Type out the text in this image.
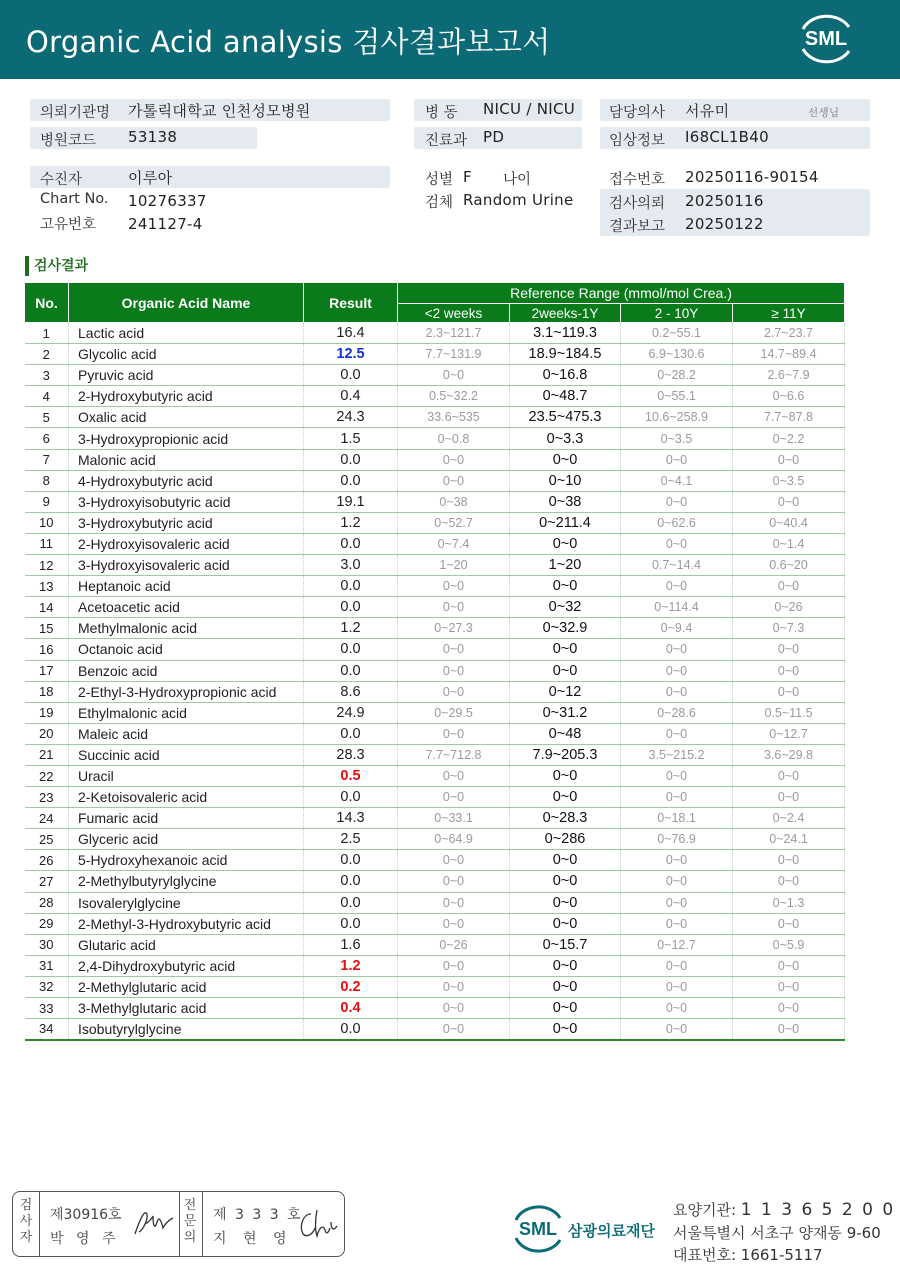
Organic Acid analysis 검사결과보고서	SML
의뢰기관명 가톨릭대학교 인천성모병원
병원코드 53138
병 동 NICU / NICU
진료과 PD
담당의사 서유미	선생님
임상정보 I68CL1B40
수진자	이루아
Chart No. 10276337
고유번호 241127-4
성별 F 나이
검체 Random Urine
접수번호 20250116-90154
검사의뢰 20250116
결과보고 20250122
검사결과
No.	Organic Acid Name	Result	Reference Range (mmol/mol Crea.)			
			<2 weeks	2weeks-1Y	2 - 10Y	≥ 11Y
1	Lactic acid	16.4	2.3~121.7	3.1~119.3	0.2~55.1	2.7~23.7
2	Glycolic acid	12.5	7.7~131.9	18.9~184.5	6.9~130.6	14.7~89.4
3	Pyruvic acid	0.0	0~0	0~16.8	0~28.2	2.6~7.9
4	2-Hydroxybutyric acid	0.4	0.5~32.2	0~48.7	0~55.1	0~6.6
5	Oxalic acid	24.3	33.6~535	23.5~475.3	10.6~258.9	7.7~87.8
6	3-Hydroxypropionic acid	1.5	0~0.8	0~3.3	0~3.5	0~2.2
7	Malonic acid	0.0	0~0	0~0	0~0	0~0
8	4-Hydroxybutyric acid	0.0	0~0	0~10	0~4.1	0~3.5
9	3-Hydroxyisobutyric acid	19.1	0~38	0~38	0~0	0~0
10	3-Hydroxybutyric acid	1.2	0~52.7	0~211.4	0~62.6	0~40.4
11	2-Hydroxyisovaleric acid	0.0	0~7.4	0~0	0~0	0~1.4
12	3-Hydroxyisovaleric acid	3.0	1~20	1~20	0.7~14.4	0.6~20
13	Heptanoic acid	0.0	0~0	0~0	0~0	0~0
14	Acetoacetic acid	0.0	0~0	0~32	0~114.4	0~26
15	Methylmalonic acid	1.2	0~27.3	0~32.9	0~9.4	0~7.3
16	Octanoic acid	0.0	0~0	0~0	0~0	0~0
17	Benzoic acid	0.0	0~0	0~0	0~0	0~0
18	2-Ethyl-3-Hydroxypropionic acid	8.6	0~0	0~12	0~0	0~0
19	Ethylmalonic acid	24.9	0~29.5	0~31.2	0~28.6	0.5~11.5
20	Maleic acid	0.0	0~0	0~48	0~0	0~12.7
21	Succinic acid	28.3	7.7~712.8	7.9~205.3	3.5~215.2	3.6~29.8
22	Uracil	0.5	0~0	0~0	0~0	0~0
23	2-Ketoisovaleric acid	0.0	0~0	0~0	0~0	0~0
24	Fumaric acid	14.3	0~33.1	0~28.3	0~18.1	0~2.4
25	Glyceric acid	2.5	0~64.9	0~286	0~76.9	0~24.1
26	5-Hydroxyhexanoic acid	0.0	0~0	0~0	0~0	0~0
27	2-Methylbutyrylglycine	0.0	0~0	0~0	0~0	0~0
28	Isovalerylglycine	0.0	0~0	0~0	0~0	0~1.3
29	2-Methyl-3-Hydroxybutyric acid	0.0	0~0	0~0	0~0	0~0
30	Glutaric acid	1.6	0~26	0~15.7	0~12.7	0~5.9
31	2,4-Dihydroxybutyric acid	1.2	0~0	0~0	0~0	0~0
32	2-Methylglutaric acid	0.2	0~0	0~0	0~0	0~0
33	3-Methylglutaric acid	0.4	0~0	0~0	0~0	0~0
34	Isobutyrylglycine	0.0	0~0	0~0	0~0	0~0
검
사
자
제30916호
박 영 주
전
문
의
제 3 3 3 호
지 현 영	SML 삼광의료재단
요양기관: 1 1 3 6 5 2 0 0
서울특별시 서초구 양재동 9-60
대표번호: 1661-5117
